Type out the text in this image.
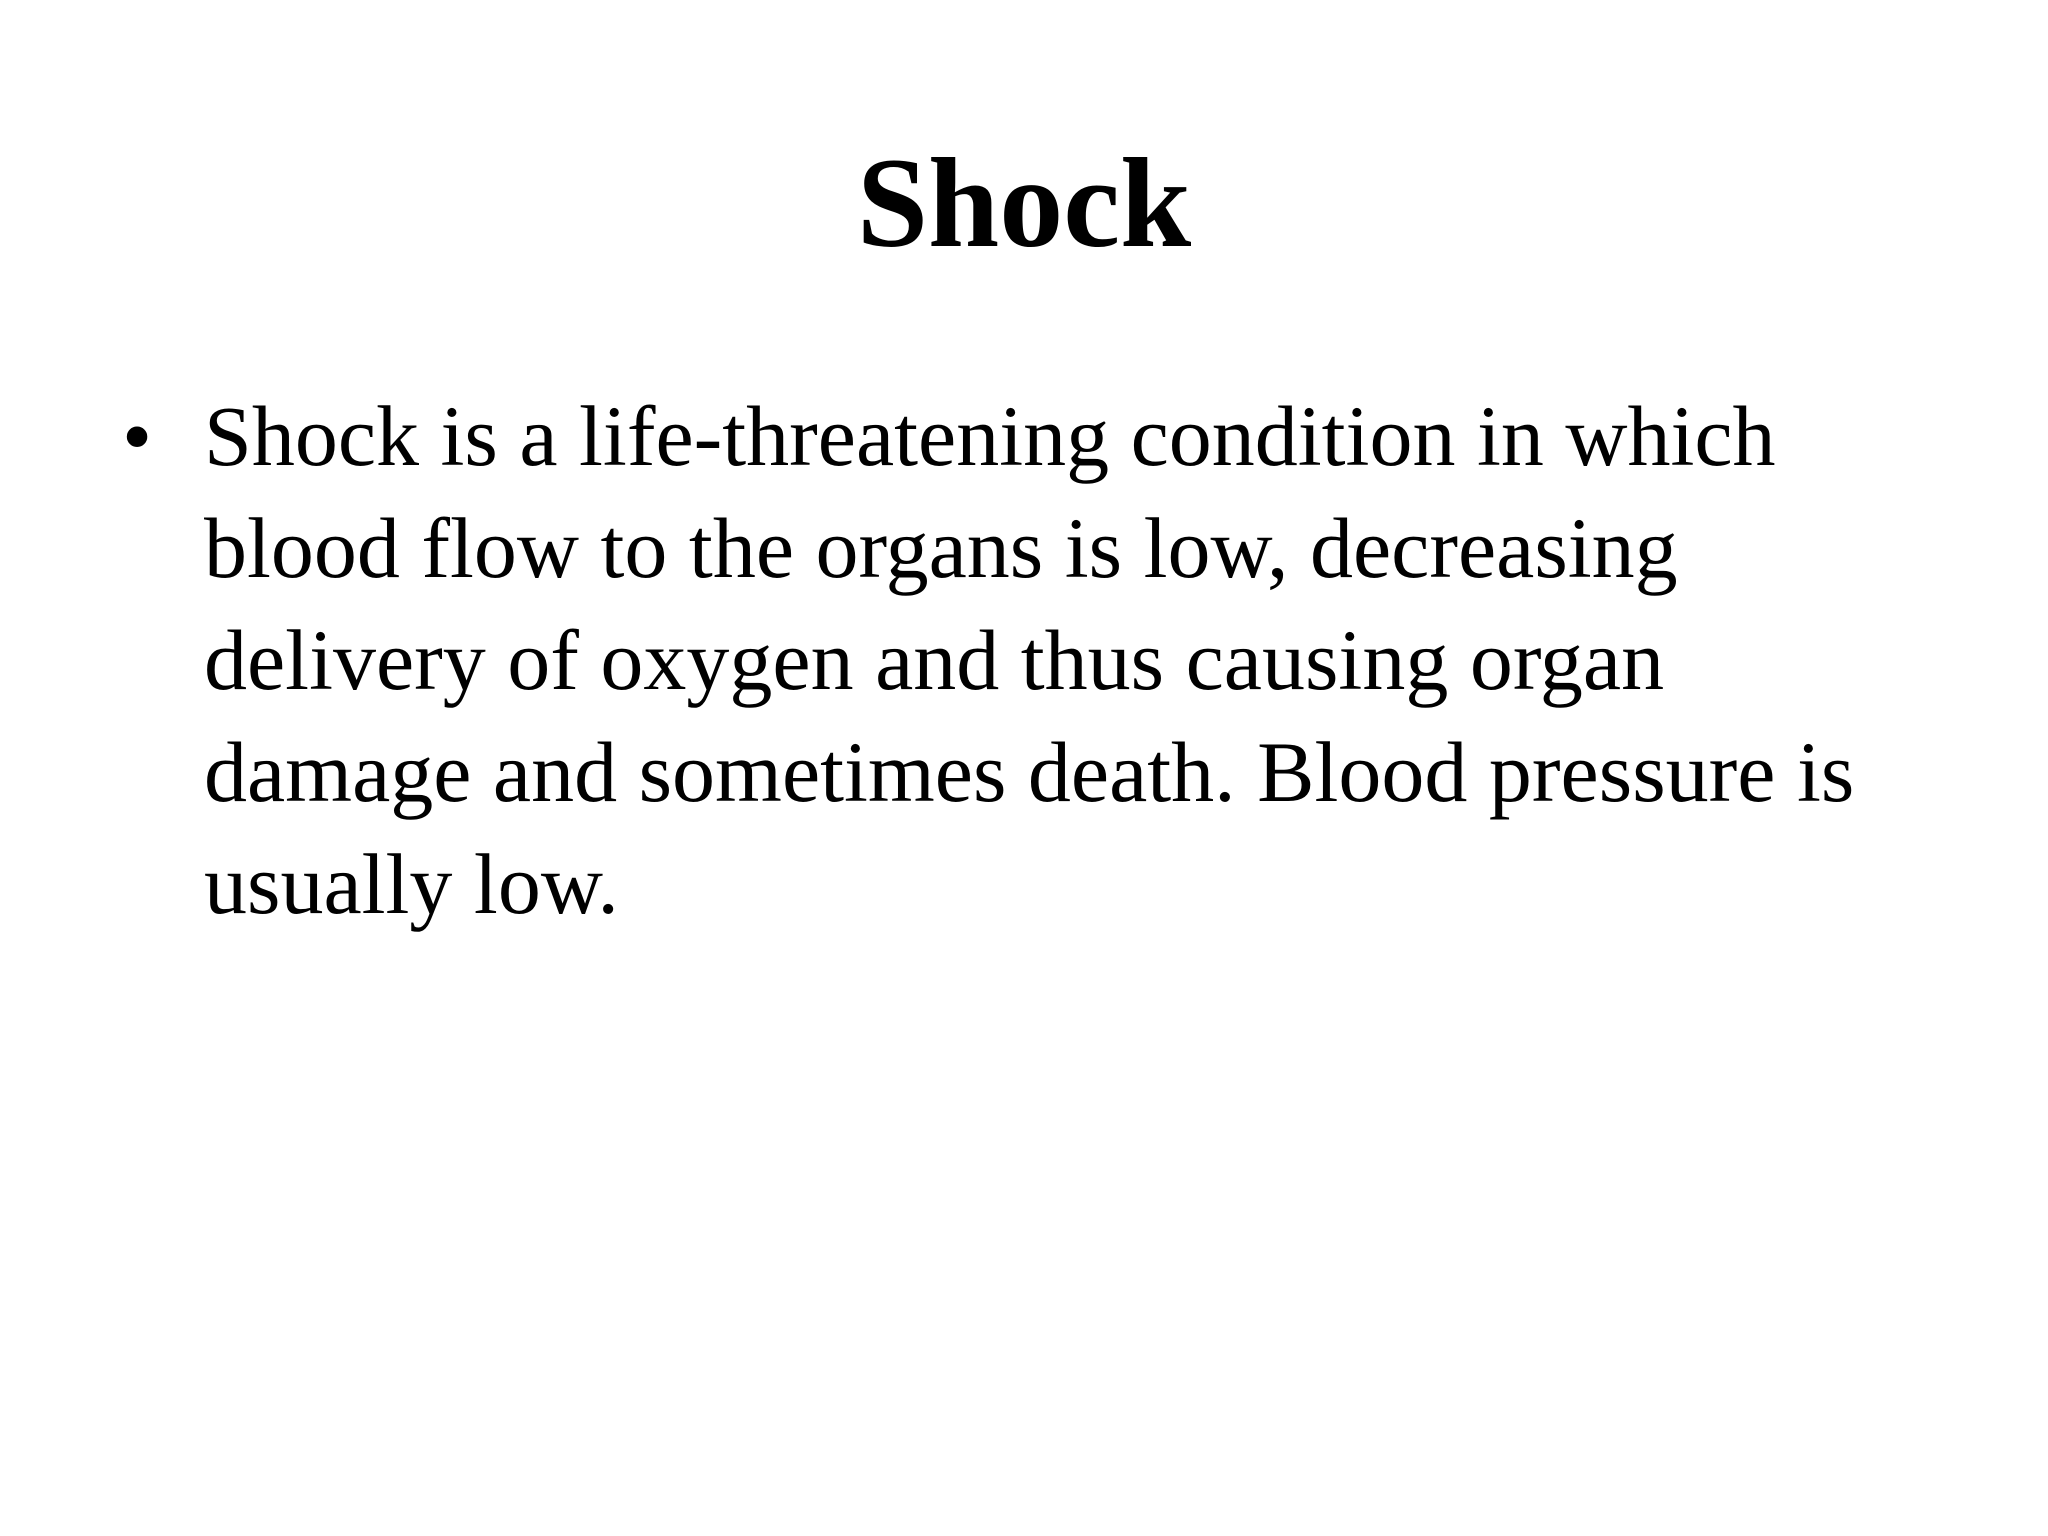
Shock
• Shock is a life-threatening condition in which blood flow to the organs is low, decreasing delivery of oxygen and thus causing organ damage and sometimes death. Blood pressure is usually low.
